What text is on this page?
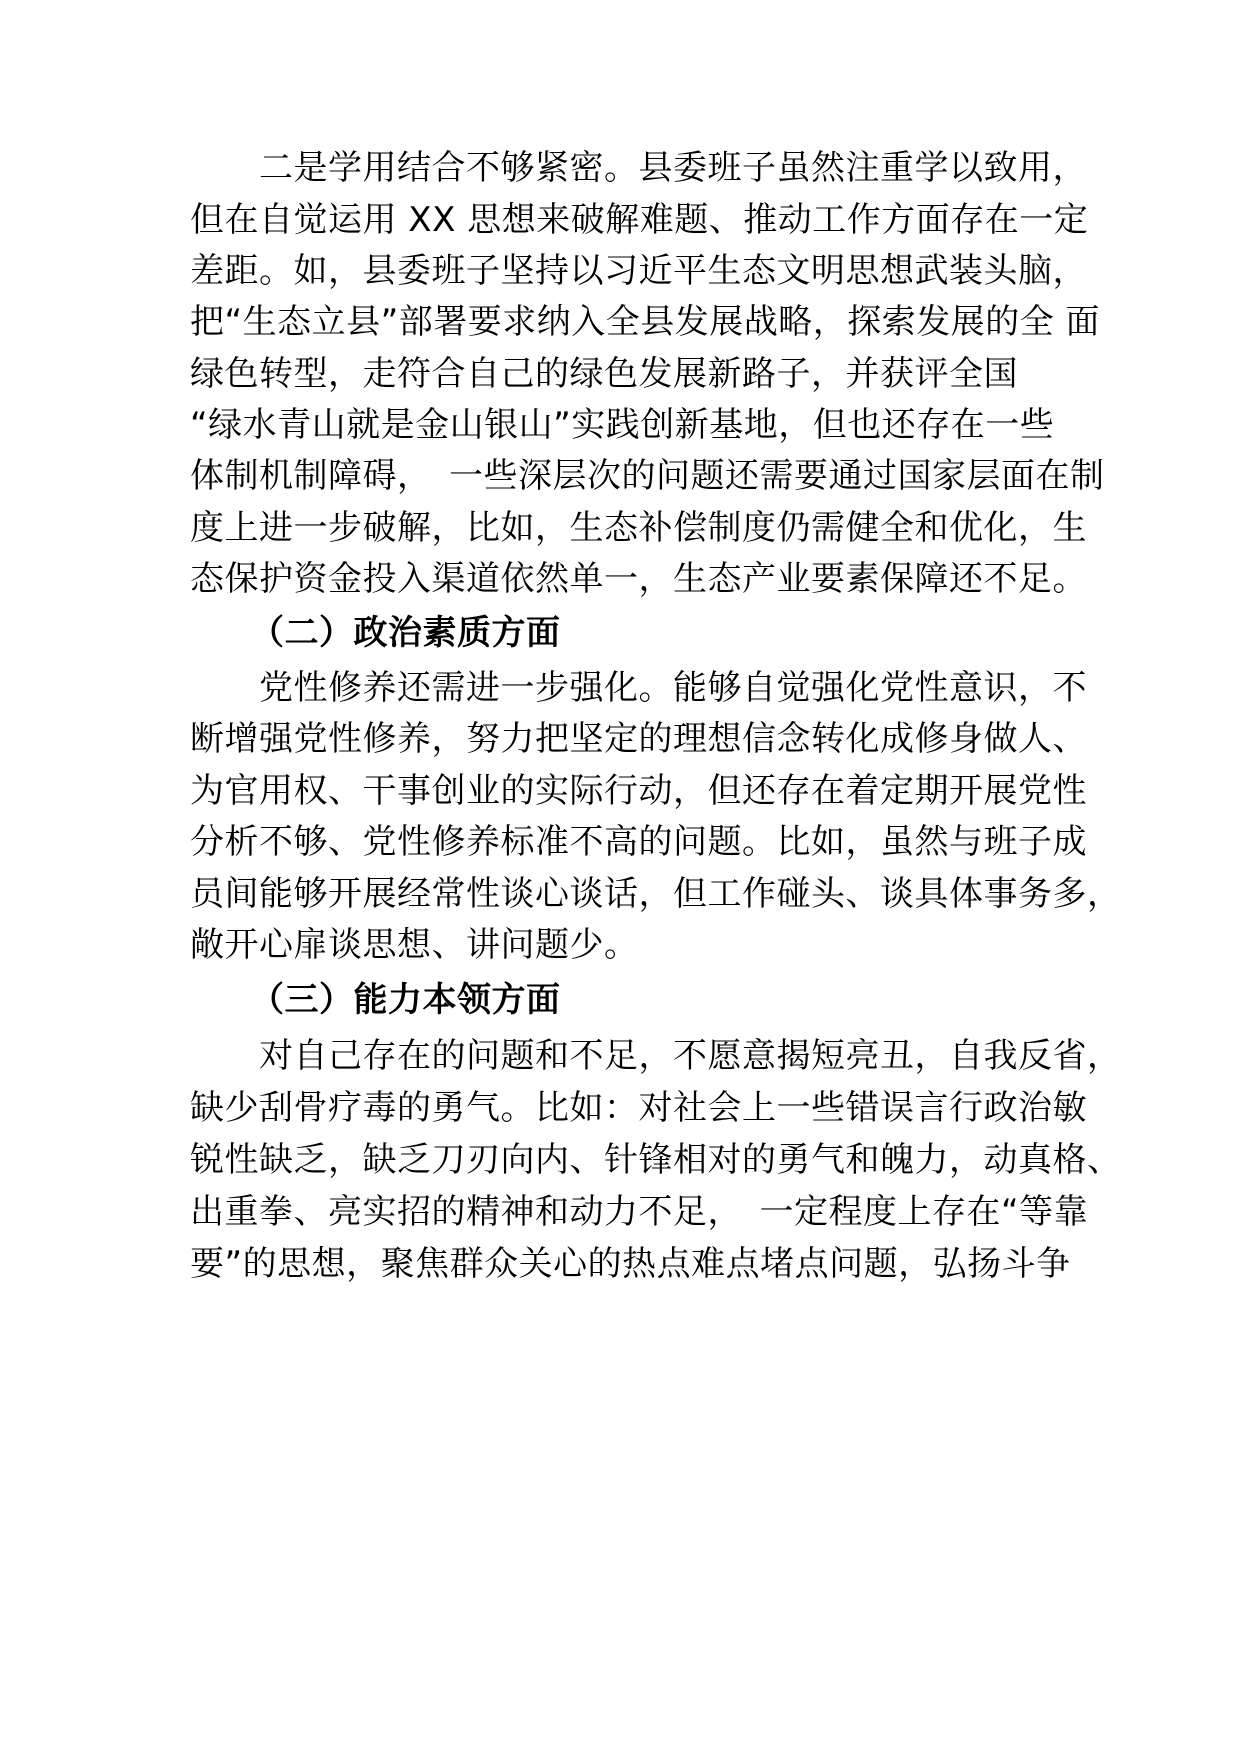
　　二是学用结合不够紧密。县委班子虽然注重学以致用，
但在自觉运用 XX 思想来破解难题、推动工作方面存在一定
差距。如，县委班子坚持以习近平生态文明思想武装头脑，
把“生态立县”部署要求纳入全县发展战略，探索发展的全 面
绿色转型，走符合自己的绿色发展新路子，并获评全国
“绿水青山就是金山银山”实践创新基地，但也还存在一些
体制机制障碍，　一些深层次的问题还需要通过国家层面在制
度上进一步破解，比如，生态补偿制度仍需健全和优化，生
态保护资金投入渠道依然单一，生态产业要素保障还不足。
（二）政治素质方面
　　党性修养还需进一步强化。能够自觉强化党性意识，不
断增强党性修养，努力把坚定的理想信念转化成修身做人、
为官用权、干事创业的实际行动，但还存在着定期开展党性
分析不够、党性修养标准不高的问题。比如，虽然与班子成
员间能够开展经常性谈心谈话，但工作碰头、谈具体事务多，
敞开心扉谈思想、讲问题少。
（三）能力本领方面
　　对自己存在的问题和不足，不愿意揭短亮丑，自我反省，
缺少刮骨疗毒的勇气。比如：对社会上一些错误言行政治敏
锐性缺乏，缺乏刀刃向内、针锋相对的勇气和魄力，动真格、
出重拳、亮实招的精神和动力不足，　一定程度上存在“等靠
要”的思想，聚焦群众关心的热点难点堵点问题，弘扬斗争
